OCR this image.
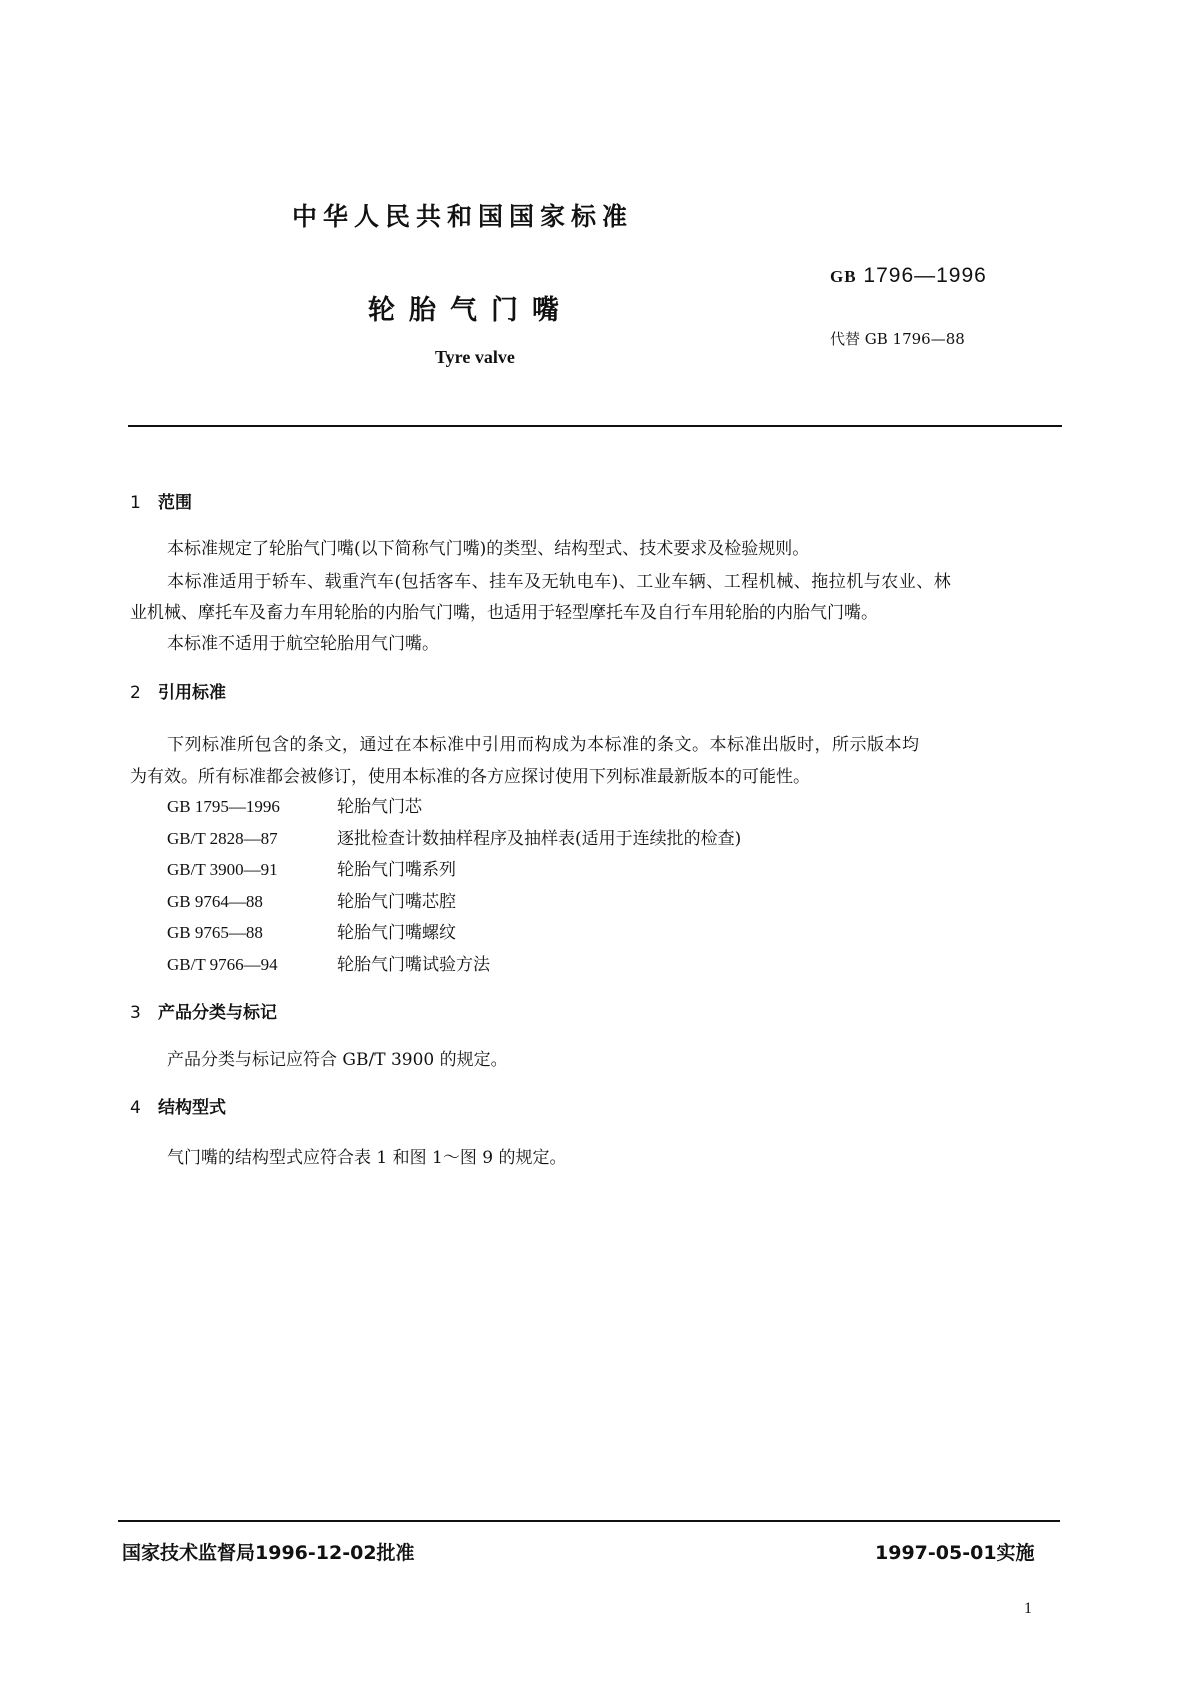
中华人民共和国国家标准
轮胎气门嘴
Tyre valve
GB 1796—1996
代替 GB 1796—88
1 范围
本标准规定了轮胎气门嘴(以下简称气门嘴)的类型、结构型式、技术要求及检验规则。
本标准适用于轿车、载重汽车(包括客车、挂车及无轨电车)、工业车辆、工程机械、拖拉机与农业、林
业机械、摩托车及畜力车用轮胎的内胎气门嘴，也适用于轻型摩托车及自行车用轮胎的内胎气门嘴。
本标准不适用于航空轮胎用气门嘴。
2 引用标准
下列标准所包含的条文，通过在本标准中引用而构成为本标准的条文。本标准出版时，所示版本均
为有效。所有标准都会被修订，使用本标准的各方应探讨使用下列标准最新版本的可能性。
GB 1795—1996	轮胎气门芯
GB/T 2828—87	逐批检查计数抽样程序及抽样表(适用于连续批的检查)
GB/T 3900—91	轮胎气门嘴系列
GB 9764—88	轮胎气门嘴芯腔
GB 9765—88	轮胎气门嘴螺纹
GB/T 9766—94	轮胎气门嘴试验方法
3 产品分类与标记
产品分类与标记应符合 GB/T 3900 的规定。
4 结构型式
气门嘴的结构型式应符合表 1 和图 1～图 9 的规定。
国家技术监督局1996-12-02批准	1997-05-01实施
1
